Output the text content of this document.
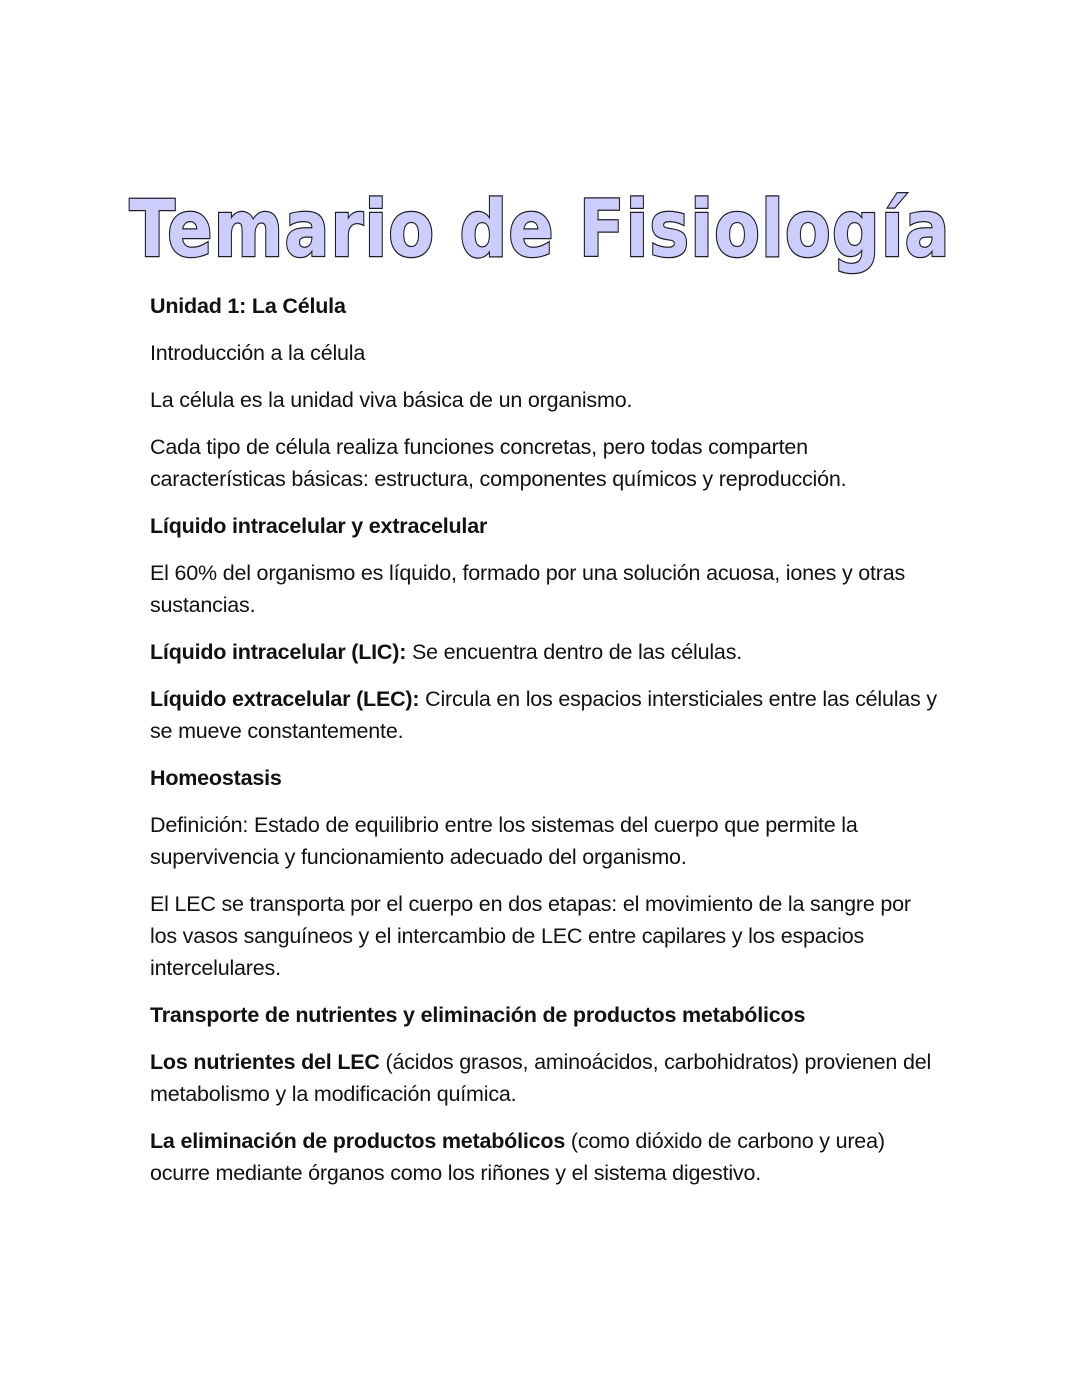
Temario de Fisiología

Unidad 1: La Célula

Introducción a la célula

La célula es la unidad viva básica de un organismo.

Cada tipo de célula realiza funciones concretas, pero todas comparten características básicas: estructura, componentes químicos y reproducción.

Líquido intracelular y extracelular

El 60% del organismo es líquido, formado por una solución acuosa, iones y otras sustancias.

Líquido intracelular (LIC): Se encuentra dentro de las células.

Líquido extracelular (LEC): Circula en los espacios intersticiales entre las células y se mueve constantemente.

Homeostasis

Definición: Estado de equilibrio entre los sistemas del cuerpo que permite la supervivencia y funcionamiento adecuado del organismo.

El LEC se transporta por el cuerpo en dos etapas: el movimiento de la sangre por los vasos sanguíneos y el intercambio de LEC entre capilares y los espacios intercelulares.

Transporte de nutrientes y eliminación de productos metabólicos

Los nutrientes del LEC (ácidos grasos, aminoácidos, carbohidratos) provienen del metabolismo y la modificación química.

La eliminación de productos metabólicos (como dióxido de carbono y urea) ocurre mediante órganos como los riñones y el sistema digestivo.
